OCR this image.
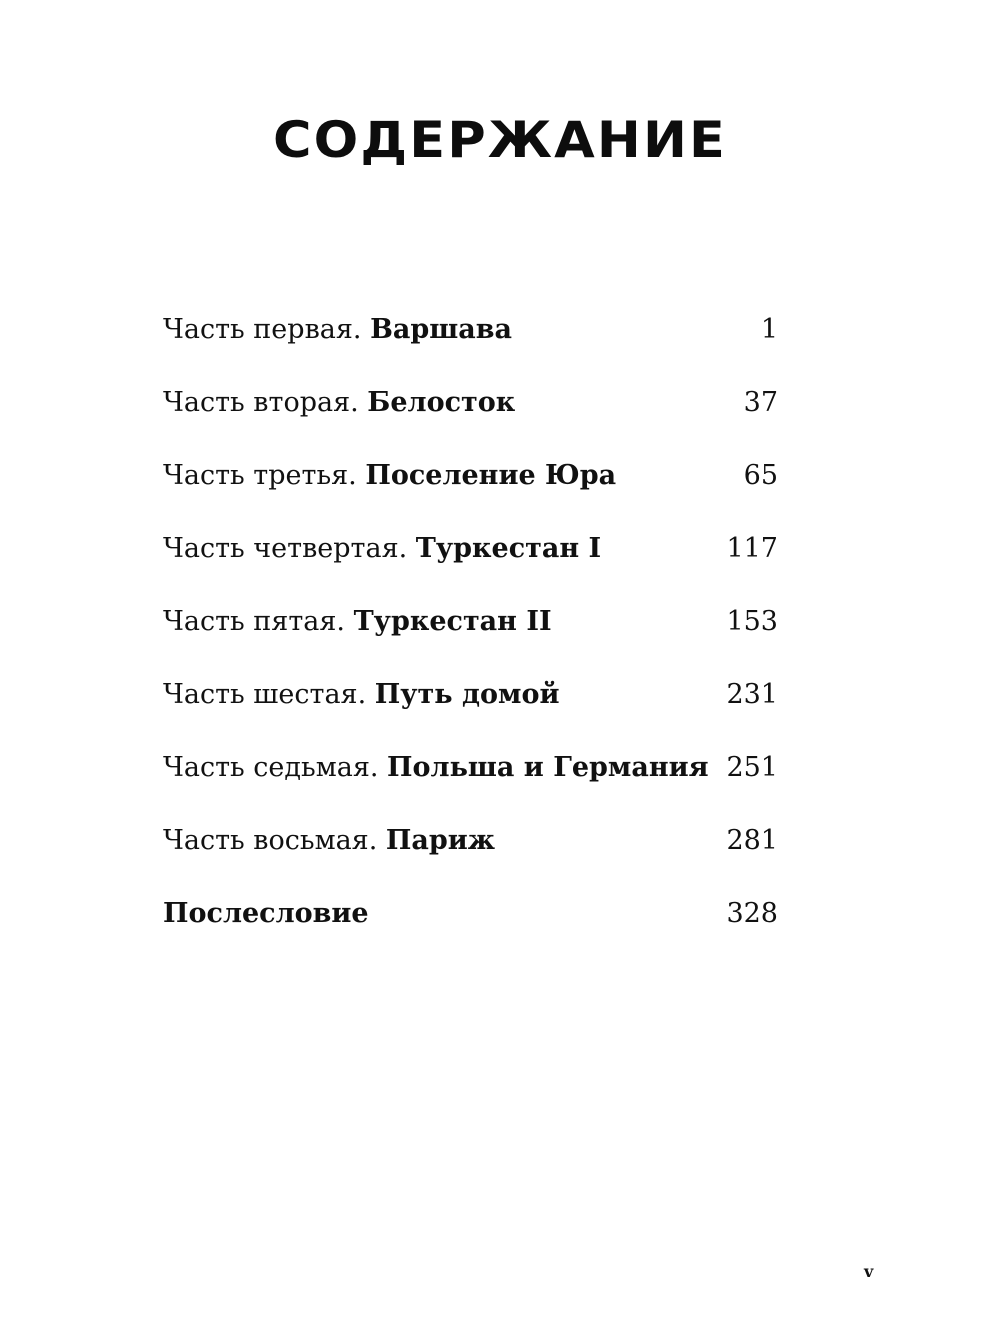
СОДЕРЖАНИЕ
Часть первая. Варшава	1
Часть вторая. Белосток	37
Часть третья. Поселение Юра	65
Часть четвертая. Туркестан I	117
Часть пятая. Туркестан II	153
Часть шестая. Путь домой	231
Часть седьмая. Польша и Германия 251
Часть восьмая. Париж	281
Послесловие	328
v
